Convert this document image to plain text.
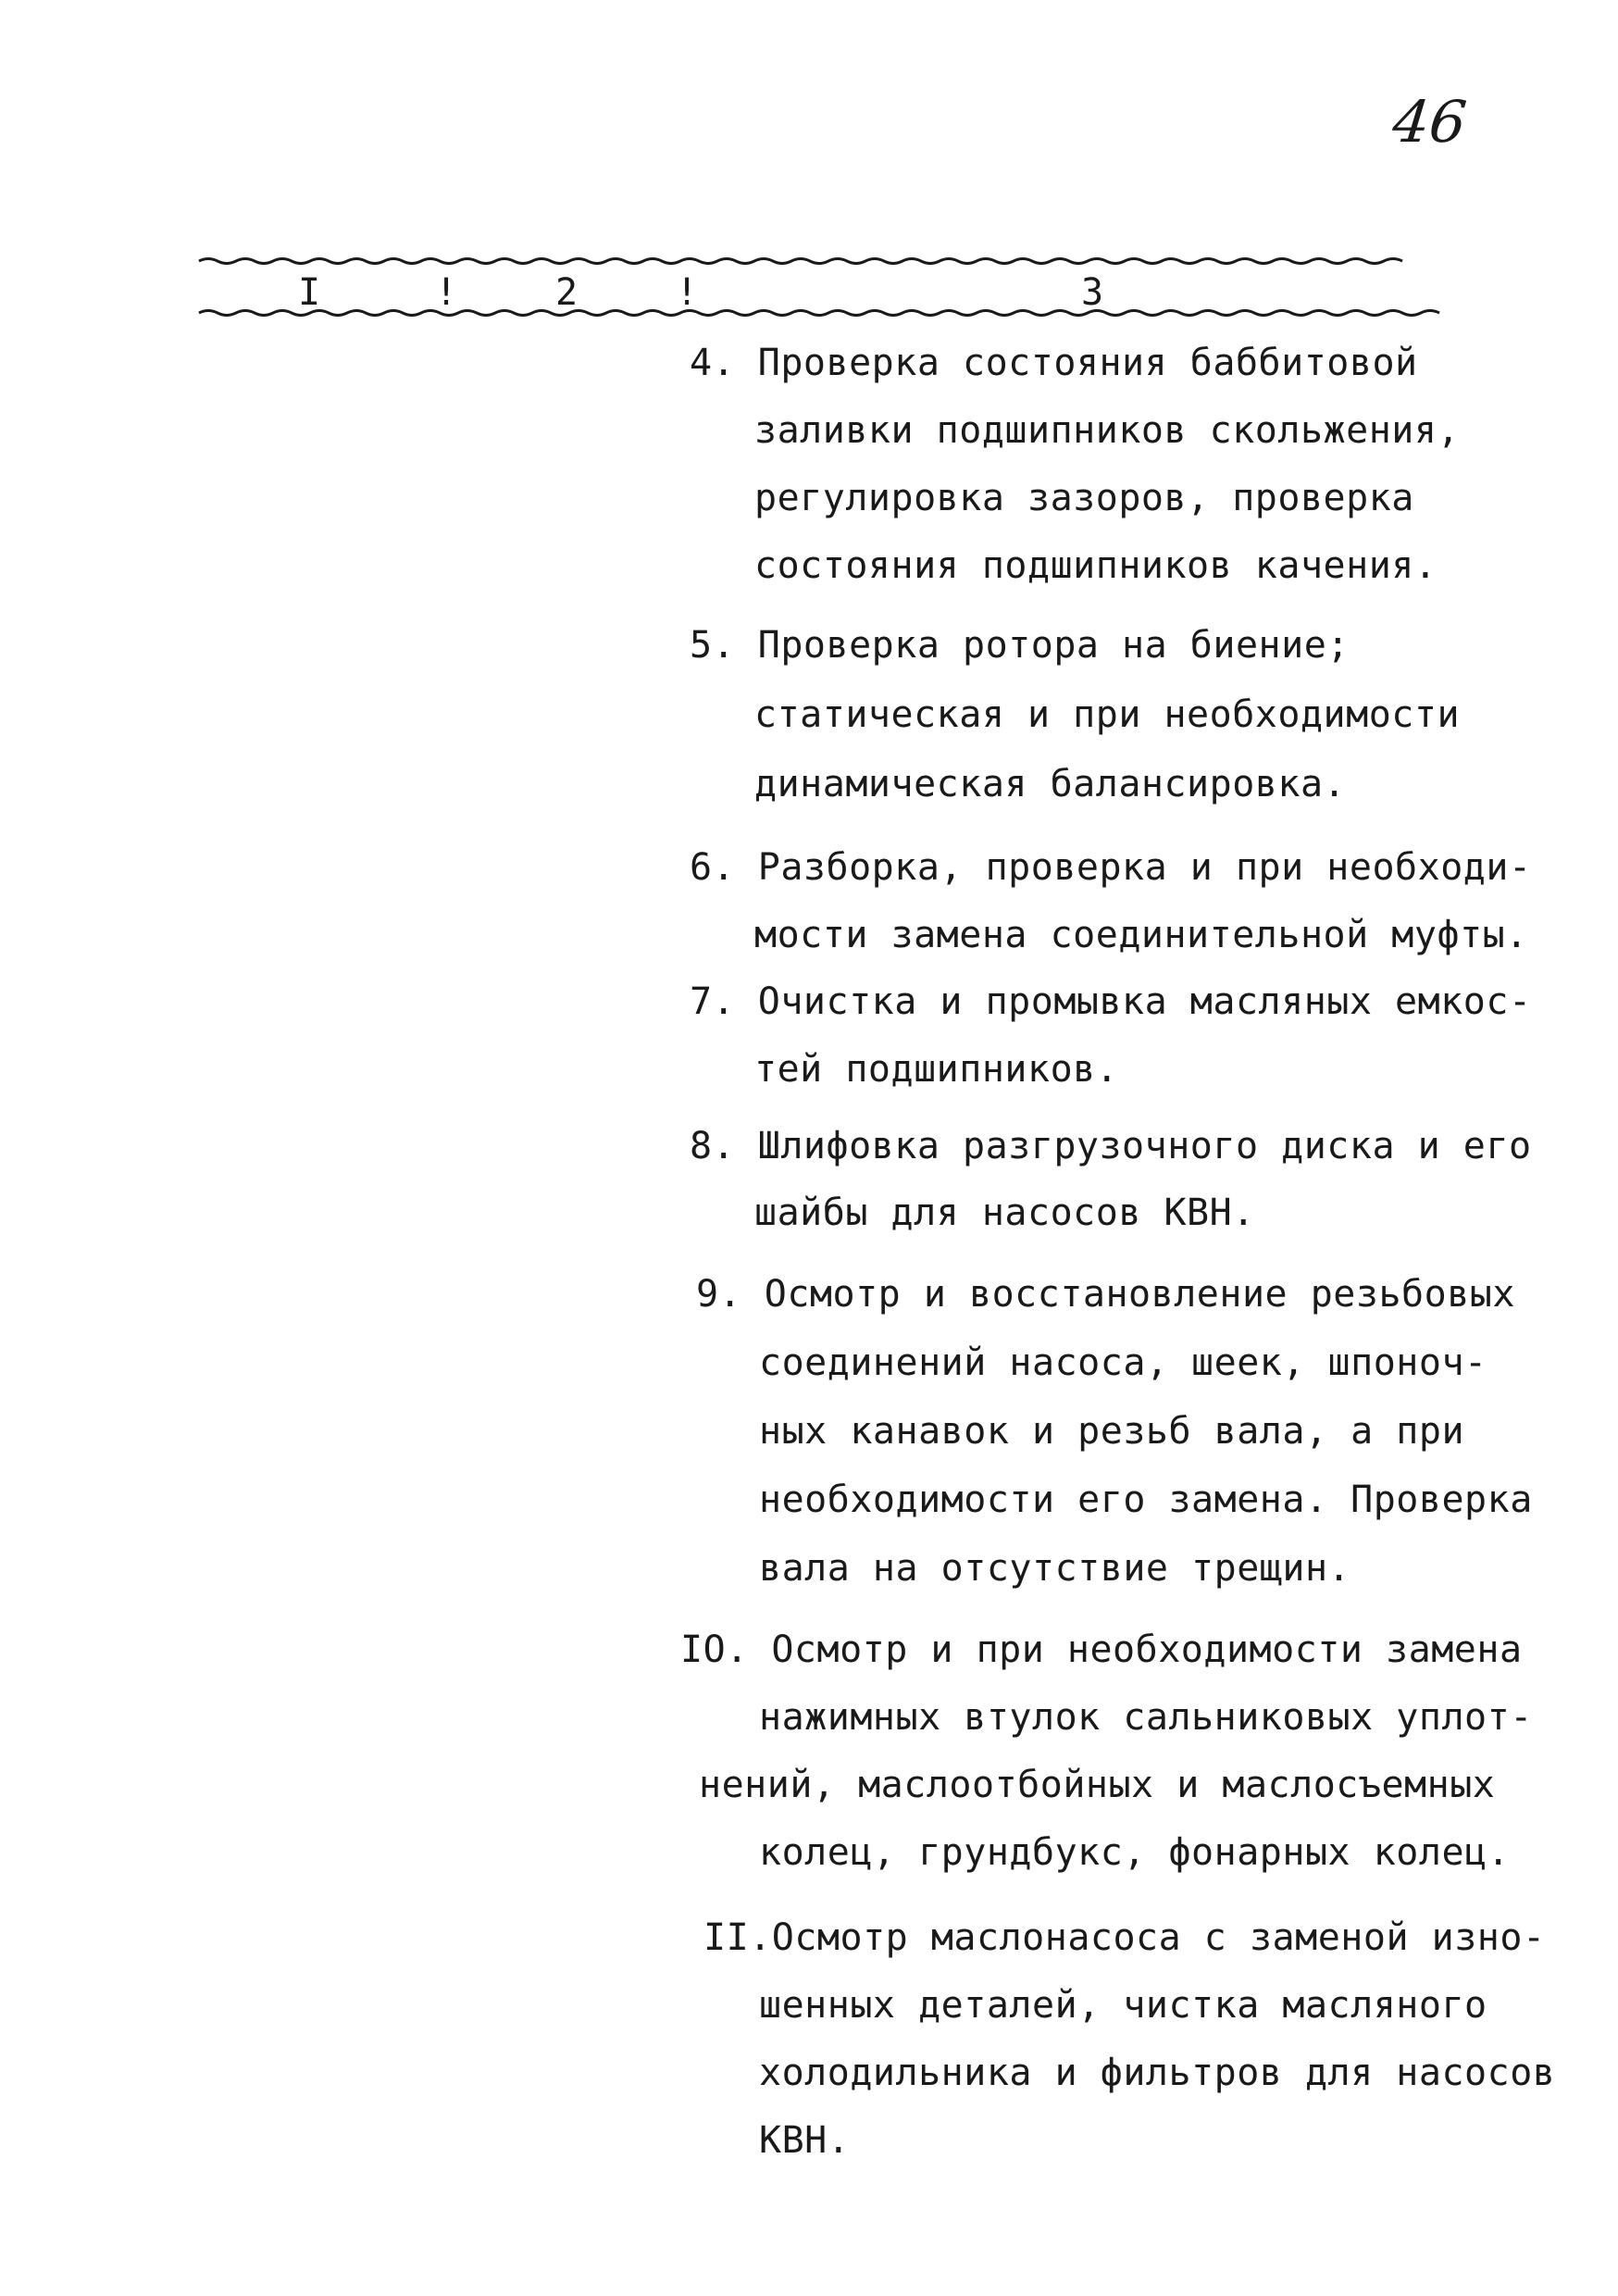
46
I	!	2	!	3
4. Проверка состояния баббитовой
заливки подшипников скольжения,
регулировка зазоров, проверка
состояния подшипников качения.
5. Проверка ротора на биение;
статическая и при необходимости
динамическая балансировка.
6. Разборка, проверка и при необходи-
мости замена соединительной муфты.
7. Очистка и промывка масляных емкос-
тей подшипников.
8. Шлифовка разгрузочного диска и его
шайбы для насосов КВН.
9. Осмотр и восстановление резьбовых
соединений насоса, шеек, шпоноч-
ных канавок и резьб вала, а при
необходимости его замена. Проверка
вала на отсутствие трещин.
IO. Осмотр и при необходимости замена
нажимных втулок сальниковых уплот-
нений, маслоотбойных и маслосъемных
колец, грундбукс, фонарных колец.
II.Осмотр маслонасоса с заменой изно-
шенных деталей, чистка масляного
холодильника и фильтров для насосов
КВН.
